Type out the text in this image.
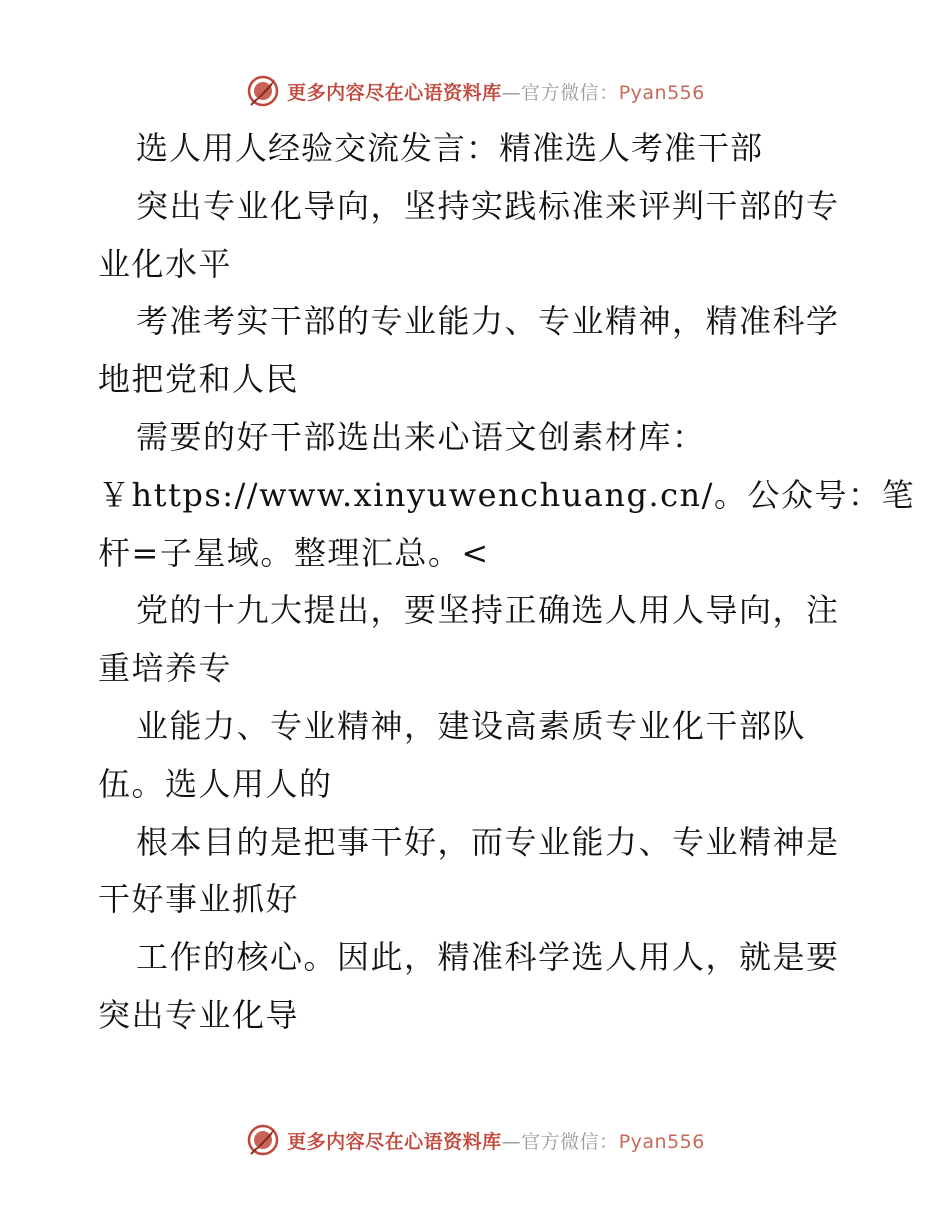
更多内容尽在心语资料库—官方微信：Pyan556
选人用人经验交流发言：精准选人考准干部
突出专业化导向，坚持实践标准来评判干部的专
业化水平
考准考实干部的专业能力、专业精神，精准科学
地把党和人民
需要的好干部选出来心语文创素材库：
￥https://www.xinyuwenchuang.cn/。公众号：笔
杆=子星域。整理汇总。<
党的十九大提出，要坚持正确选人用人导向，注
重培养专
业能力、专业精神，建设高素质专业化干部队
伍。选人用人的
根本目的是把事干好，而专业能力、专业精神是
干好事业抓好
工作的核心。因此，精准科学选人用人，就是要
突出专业化导
更多内容尽在心语资料库—官方微信：Pyan556
